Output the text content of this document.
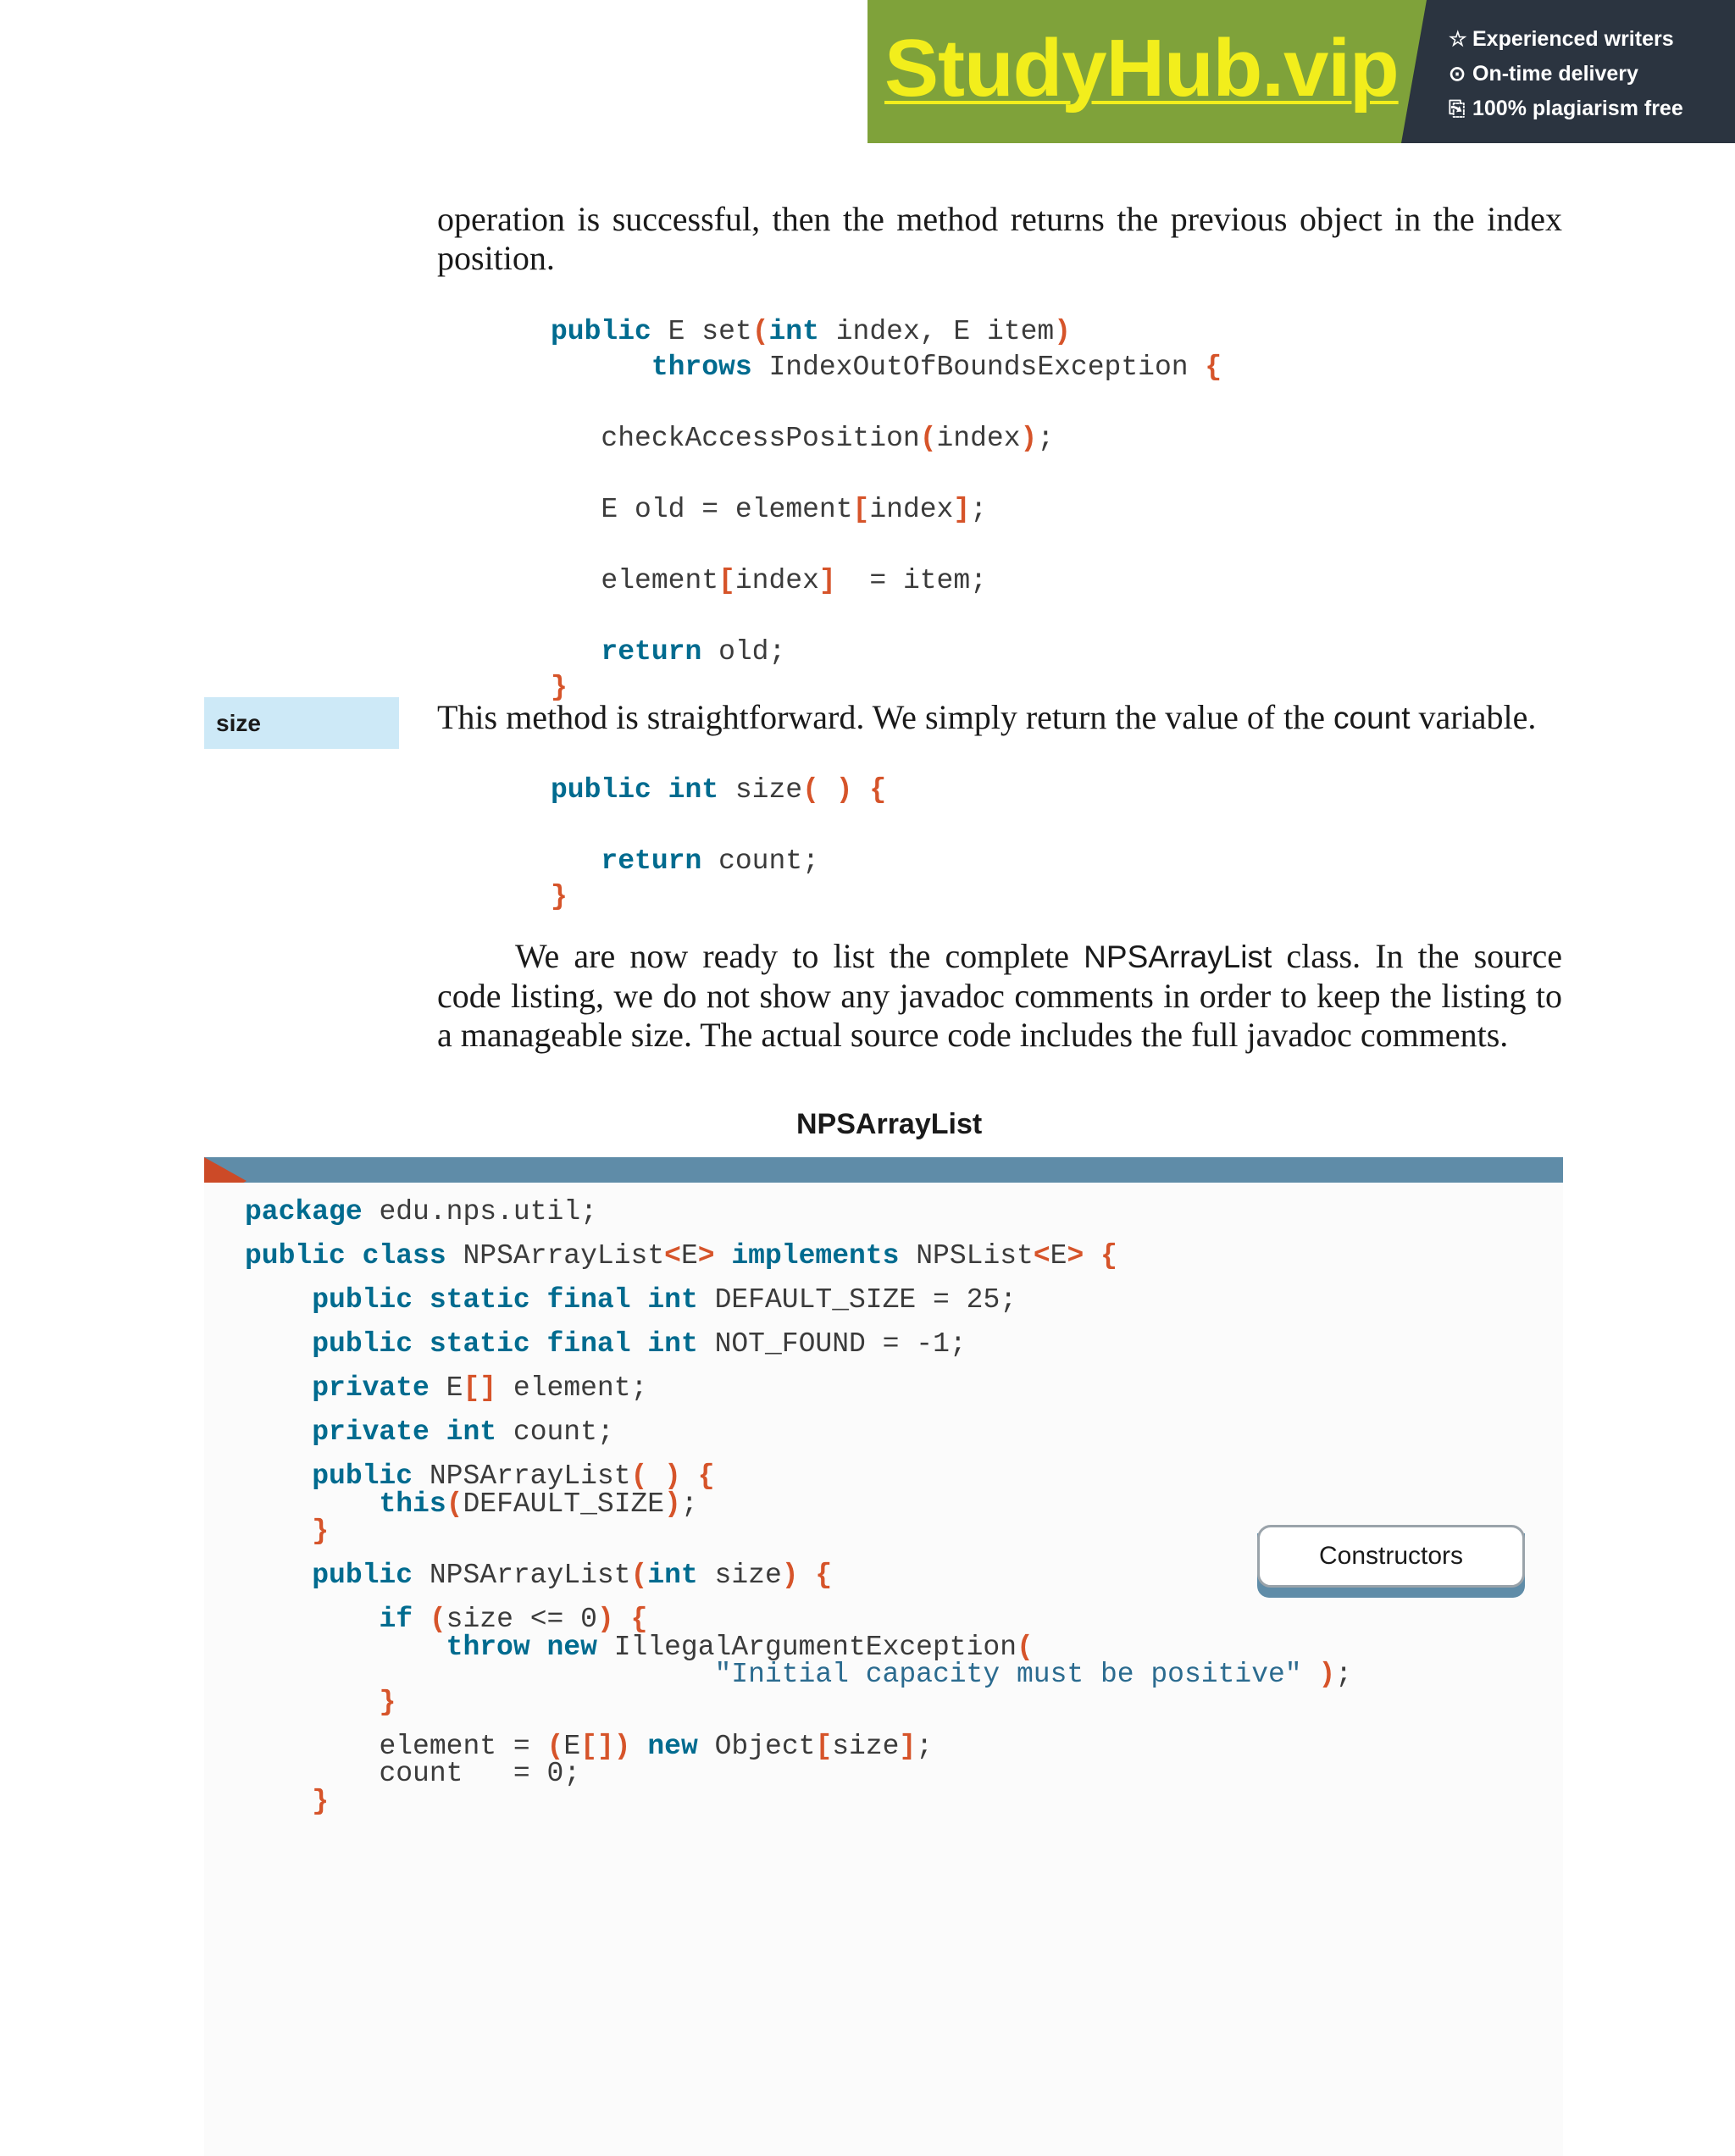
StudyHub.vip	☆ Experienced writers
⊙ On-time delivery
⎘ 100% plagiarism free

operation is successful, then the method returns the previous object in the index position.

public E set(int index, E item)
throws IndexOutOfBoundsException {

checkAccessPosition(index);

E old = element[index];

element[index] = item;

return old;
}
size	This method is straightforward. We simply return the value of the count variable.

public int size( ) {

return count;
}

We are now ready to list the complete NPSArrayList class. In the source code listing, we do not show any javadoc comments in order to keep the listing to a manageable size. The actual source code includes the full javadoc comments.

NPSArrayList
package edu.nps.util;

public class NPSArrayList<E> implements NPSList<E> {

public static final int DEFAULT_SIZE = 25;

public static final int NOT_FOUND = -1;

private E[] element;

private int count;

public NPSArrayList( ) {
this(DEFAULT_SIZE);
}

public NPSArrayList(int size) {

if (size <= 0) {
throw new IllegalArgumentException(
"Initial capacity must be positive" );
}

element = (E[]) new Object[size];
count = 0;
}
Constructors
